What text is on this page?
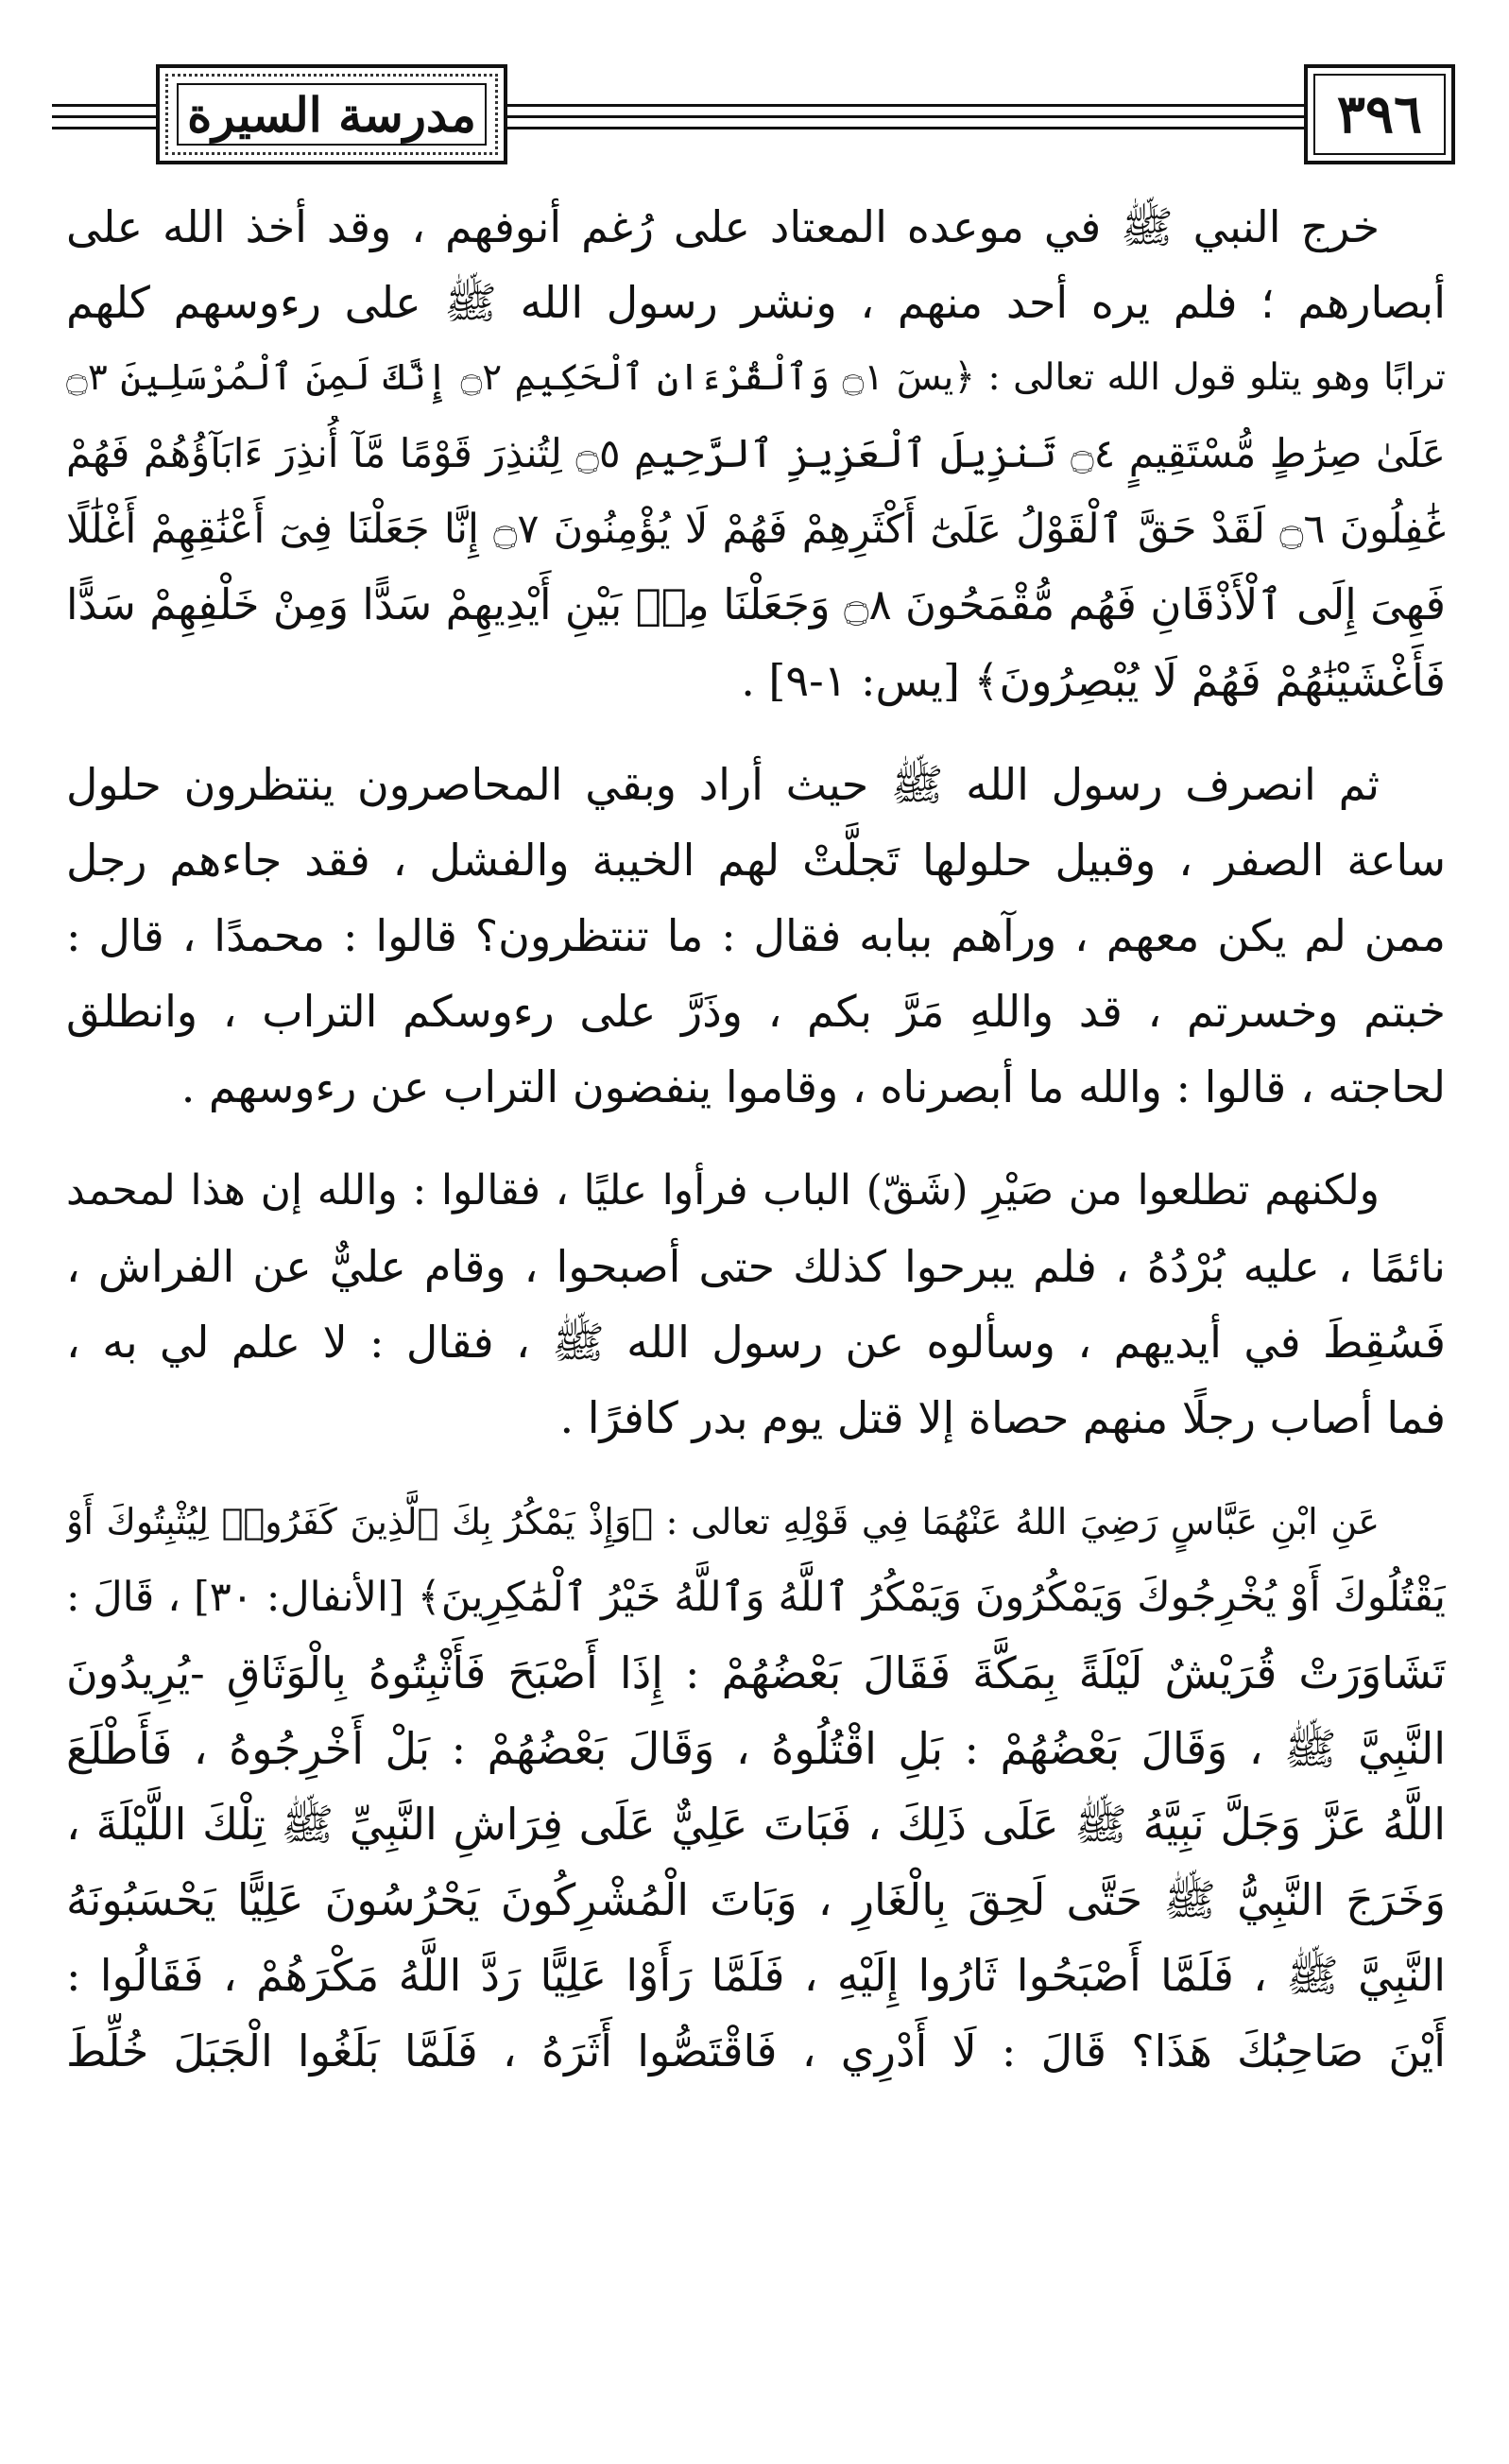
مدرسة السيرة	٣٩٦
خرج النبي ﷺ في موعده المعتاد على رُغم أنوفهم ، وقد أخذ الله على
أبصارهم ؛ فلم يره أحد منهم ، ونشر رسول الله ﷺ على رءوسهم كلهم
ترابًا وهو يتلو قول الله تعالى : ﴿يسٓ ۝١ وَٱلْقُرْءَانِ ٱلْحَكِيمِ ۝٢ إِنَّكَ لَمِنَ ٱلْمُرْسَلِينَ ۝٣
عَلَىٰ صِرَٰطٍ مُّسْتَقِيمٍ ۝٤ تَنزِيلَ ٱلْعَزِيزِ ٱلرَّحِيمِ ۝٥ لِتُنذِرَ قَوْمًا مَّآ أُنذِرَ ءَابَآؤُهُمْ فَهُمْ
غَٰفِلُونَ ۝٦ لَقَدْ حَقَّ ٱلْقَوْلُ عَلَىٰٓ أَكْثَرِهِمْ فَهُمْ لَا يُؤْمِنُونَ ۝٧ إِنَّا جَعَلْنَا فِىٓ أَعْنَٰقِهِمْ أَغْلَٰلًا
فَهِىَ إِلَى ٱلْأَذْقَانِ فَهُم مُّقْمَحُونَ ۝٨ وَجَعَلْنَا مِنۢ بَيْنِ أَيْدِيهِمْ سَدًّا وَمِنْ خَلْفِهِمْ سَدًّا
فَأَغْشَيْنَٰهُمْ فَهُمْ لَا يُبْصِرُونَ﴾ [يس: ١-٩] .
ثم انصرف رسول الله ﷺ حيث أراد وبقي المحاصرون ينتظرون حلول
ساعة الصفر ، وقبيل حلولها تَجلَّتْ لهم الخيبة والفشل ، فقد جاءهم رجل
ممن لم يكن معهم ، ورآهم ببابه فقال : ما تنتظرون؟ قالوا : محمدًا ، قال :
خبتم وخسرتم ، قد واللهِ مَرَّ بكم ، وذَرَّ على رءوسكم التراب ، وانطلق
لحاجته ، قالوا : والله ما أبصرناه ، وقاموا ينفضون التراب عن رءوسهم .
ولكنهم تطلعوا من صَيْرِ (شَقّ) الباب فرأوا عليًا ، فقالوا : والله إن هذا لمحمد
نائمًا ، عليه بُرْدُهُ ، فلم يبرحوا كذلك حتى أصبحوا ، وقام عليٌّ عن الفراش ،
فَسُقِطَ في أيديهم ، وسألوه عن رسول الله ﷺ ، فقال : لا علم لي به ،
فما أصاب رجلًا منهم حصاة إلا قتل يوم بدر كافرًا .
عَنِ ابْنِ عَبَّاسٍ رَضِيَ اللهُ عَنْهُمَا فِي قَوْلِهِ تعالى : ﴿وَإِذْ يَمْكُرُ بِكَ ٱلَّذِينَ كَفَرُوا۟ لِيُثْبِتُوكَ أَوْ
يَقْتُلُوكَ أَوْ يُخْرِجُوكَ وَيَمْكُرُونَ وَيَمْكُرُ ٱللَّهُ وَٱللَّهُ خَيْرُ ٱلْمَٰكِرِينَ﴾ [الأنفال: ٣٠] ، قَالَ :
تَشَاوَرَتْ قُرَيْشٌ لَيْلَةً بِمَكَّةَ فَقَالَ بَعْضُهُمْ : إِذَا أَصْبَحَ فَأَثْبِتُوهُ بِالْوَثَاقِ -يُرِيدُونَ
النَّبِيَّ ﷺ ، وَقَالَ بَعْضُهُمْ : بَلِ اقْتُلُوهُ ، وَقَالَ بَعْضُهُمْ : بَلْ أَخْرِجُوهُ ، فَأَطْلَعَ
اللَّهُ عَزَّ وَجَلَّ نَبِيَّهُ ﷺ عَلَى ذَلِكَ ، فَبَاتَ عَلِيٌّ عَلَى فِرَاشِ النَّبِيِّ ﷺ تِلْكَ اللَّيْلَةَ ،
وَخَرَجَ النَّبِيُّ ﷺ حَتَّى لَحِقَ بِالْغَارِ ، وَبَاتَ الْمُشْرِكُونَ يَحْرُسُونَ عَلِيًّا يَحْسَبُونَهُ
النَّبِيَّ ﷺ ، فَلَمَّا أَصْبَحُوا ثَارُوا إِلَيْهِ ، فَلَمَّا رَأَوْا عَلِيًّا رَدَّ اللَّهُ مَكْرَهُمْ ، فَقَالُوا :
أَيْنَ صَاحِبُكَ هَذَا؟ قَالَ : لَا أَدْرِي ، فَاقْتَصُّوا أَثَرَهُ ، فَلَمَّا بَلَغُوا الْجَبَلَ خُلِّطَ
